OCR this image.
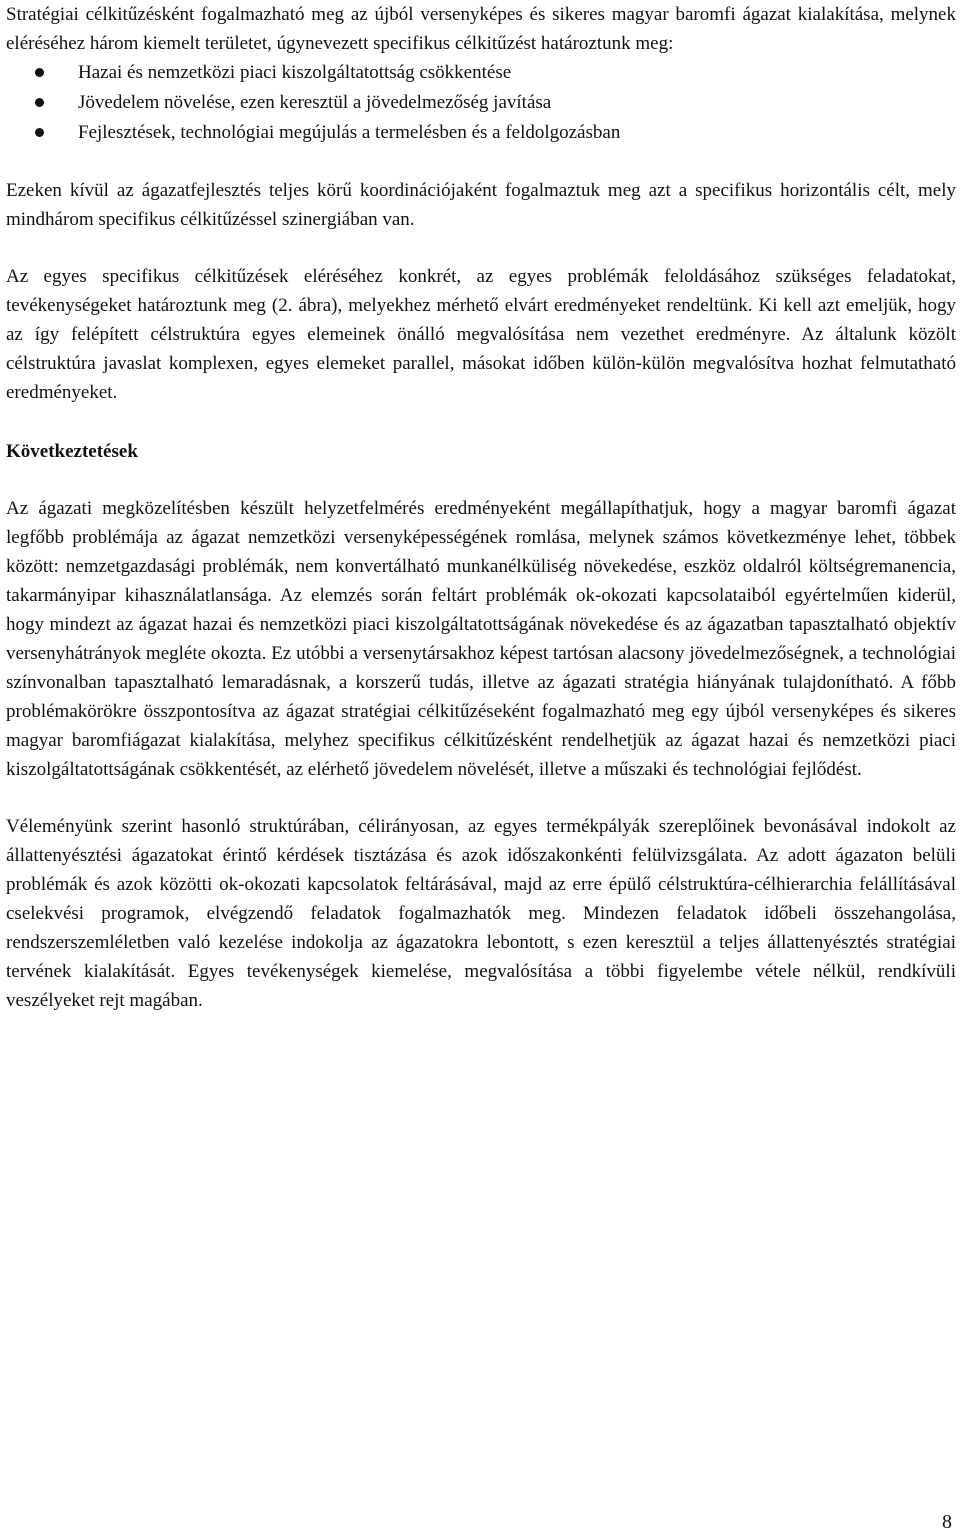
Stratégiai célkitűzésként fogalmazható meg az újból versenyképes és sikeres magyar baromfi ágazat kialakítása, melynek eléréséhez három kiemelt területet, úgynevezett specifikus célkitűzést határoztunk meg:

Hazai és nemzetközi piaci kiszolgáltatottság csökkentése
Jövedelem növelése, ezen keresztül a jövedelmezőség javítása
Fejlesztések, technológiai megújulás a termelésben és a feldolgozásban

Ezeken kívül az ágazatfejlesztés teljes körű koordinációjaként fogalmaztuk meg azt a specifikus horizontális célt, mely mindhárom specifikus célkitűzéssel szinergiában van.

Az egyes specifikus célkitűzések eléréséhez konkrét, az egyes problémák feloldásához szükséges feladatokat, tevékenységeket határoztunk meg (2. ábra), melyekhez mérhető elvárt eredményeket rendeltünk. Ki kell azt emeljük, hogy az így felépített célstruktúra egyes elemeinek önálló megvalósítása nem vezethet eredményre. Az általunk közölt célstruktúra javaslat komplexen, egyes elemeket parallel, másokat időben külön-külön megvalósítva hozhat felmutatható eredményeket.

Következtetések

Az ágazati megközelítésben készült helyzetfelmérés eredményeként megállapíthatjuk, hogy a magyar baromfi ágazat legfőbb problémája az ágazat nemzetközi versenyképességének romlása, melynek számos következménye lehet, többek között: nemzetgazdasági problémák, nem konvertálható munkanélküliség növekedése, eszköz oldalról költségremanencia, takarmányipar kihasználatlansága. Az elemzés során feltárt problémák ok-okozati kapcsolataiból egyértelműen kiderül, hogy mindezt az ágazat hazai és nemzetközi piaci kiszolgáltatottságának növekedése és az ágazatban tapasztalható objektív versenyhátrányok megléte okozta. Ez utóbbi a versenytársakhoz képest tartósan alacsony jövedelmezőségnek, a technológiai színvonalban tapasztalható lemaradásnak, a korszerű tudás, illetve az ágazati stratégia hiányának tulajdonítható. A főbb problémakörökre összpontosítva az ágazat stratégiai célkitűzéseként fogalmazható meg egy újból versenyképes és sikeres magyar baromfiágazat kialakítása, melyhez specifikus célkitűzésként rendelhetjük az ágazat hazai és nemzetközi piaci kiszolgáltatottságának csökkentését, az elérhető jövedelem növelését, illetve a műszaki és technológiai fejlődést.

Véleményünk szerint hasonló struktúrában, célirányosan, az egyes termékpályák szereplőinek bevonásával indokolt az állattenyésztési ágazatokat érintő kérdések tisztázása és azok időszakonkénti felülvizsgálata. Az adott ágazaton belüli problémák és azok közötti ok-okozati kapcsolatok feltárásával, majd az erre épülő célstruktúra-célhierarchia felállításával cselekvési programok, elvégzendő feladatok fogalmazhatók meg. Mindezen feladatok időbeli összehangolása, rendszerszemléletben való kezelése indokolja az ágazatokra lebontott, s ezen keresztül a teljes állattenyésztés stratégiai tervének kialakítását. Egyes tevékenységek kiemelése, megvalósítása a többi figyelembe vétele nélkül, rendkívüli veszélyeket rejt magában.

8
